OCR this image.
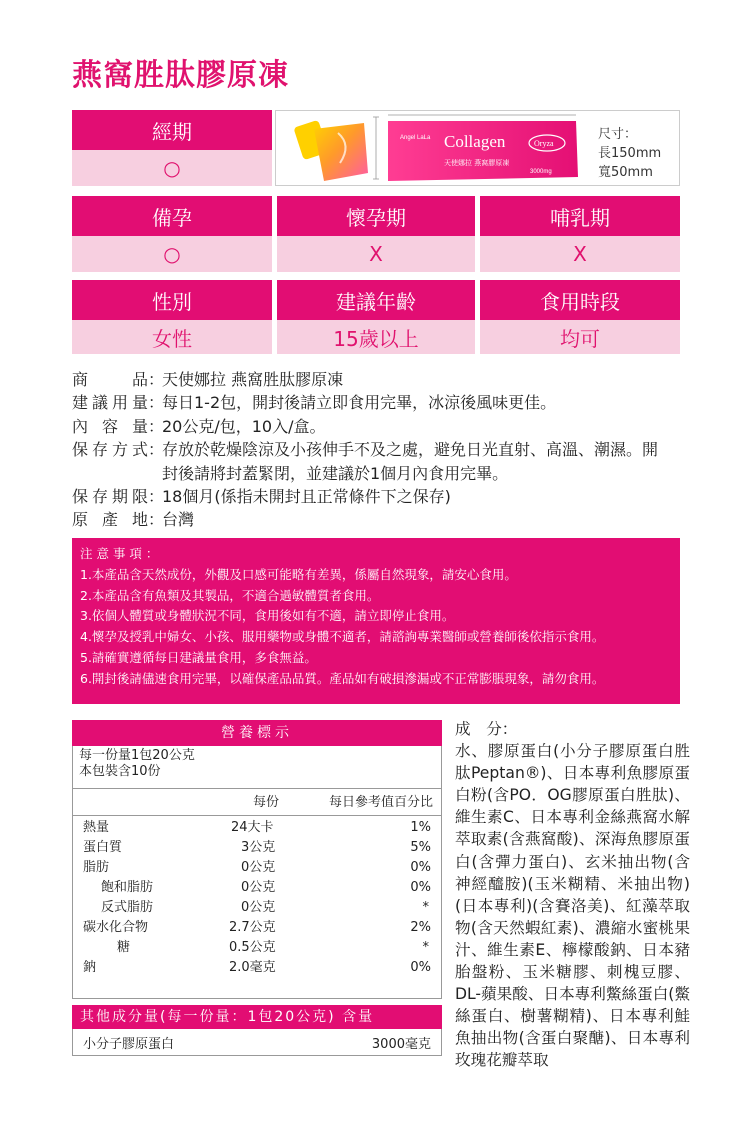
燕窩胜肽膠原凍
經期
○
Angel LaLa Collagen
天使娜拉 燕窩膠原凍
Oryza
3000mg
尺寸：
長150mm
寬50mm
備孕	懷孕期	哺乳期
○	X	X
性別	建議年齡	食用時段
女性	15歲以上	均可
商品 ：
天使娜拉 燕窩胜肽膠原凍
建議用量 ：
每日1-2包，開封後請立即食用完畢，冰涼後風味更佳。
內容量 ：
20公克/包，10入/盒。
保存方式 ：
存放於乾燥陰涼及小孩伸手不及之處，避免日光直射、高溫、潮濕。開封後請將封蓋緊閉，並建議於1個月內食用完畢。
保存期限 ：
18個月(係指未開封且正常條件下之保存)
原產地 ：
台灣
注 意 事 項 ：
1.本產品含天然成份，外觀及口感可能略有差異，係屬自然現象，請安心食用。
2.本產品含有魚類及其製品，不適合過敏體質者食用。
3.依個人體質或身體狀況不同，食用後如有不適，請立即停止食用。
4.懷孕及授乳中婦女、小孩、服用藥物或身體不適者，請諮詢專業醫師或營養師後依指示食用。
5.請確實遵循每日建議量食用，多食無益。
6.開封後請儘速食用完畢，以確保產品品質。產品如有破損滲漏或不正常膨脹現象，請勿食用。
營養標示
每一份量1包20公克
本包裝含10份
每份	每日參考值百分比
熱量	24大卡	1%
蛋白質	3公克	5%
脂肪	0公克	0%
飽和脂肪	0公克	0%
反式脂肪	0公克	*
碳水化合物	2.7公克	2%
糖	0.5公克	*
鈉	2.0毫克	0%
其他成分量(每一份量：1包20公克) 含量
小分子膠原蛋白	3000毫克
成　分：
水、膠原蛋白(小分子膠原蛋白胜肽Peptan®)、日本專利魚膠原蛋白粉(含PO．OG膠原蛋白胜肽)、維生素C、日本專利金絲燕窩水解萃取素(含燕窩酸)、深海魚膠原蛋白(含彈力蛋白)、玄米抽出物(含神經醯胺)(玉米糊精、米抽出物)(日本專利)(含賽洛美)、紅藻萃取物(含天然蝦紅素)、濃縮水蜜桃果汁、維生素E、檸檬酸鈉、日本豬胎盤粉、玉米糖膠、刺槐豆膠、DL-蘋果酸、日本專利鱉絲蛋白(鱉絲蛋白、樹薯糊精)、日本專利鮭魚抽出物(含蛋白聚醣)、日本專利玫瑰花瓣萃取
